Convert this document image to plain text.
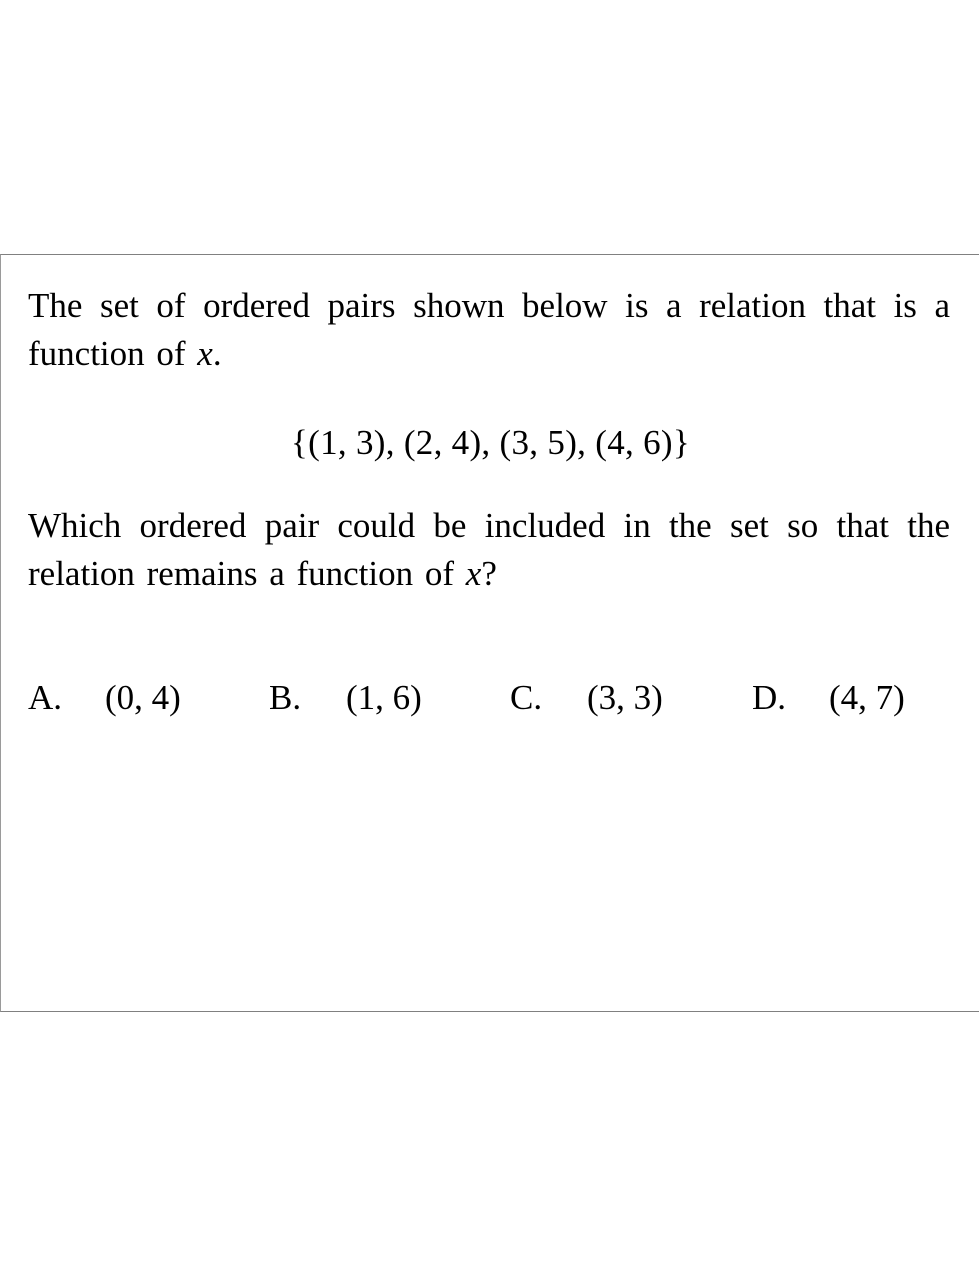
The set of ordered pairs shown below is a relation that is a function of x.

{(1, 3), (2, 4), (3, 5), (4, 6)}

Which ordered pair could be included in the set so that the relation remains a function of x?

A. (0, 4)	B. (1, 6)	C. (3, 3)	D. (4, 7)
